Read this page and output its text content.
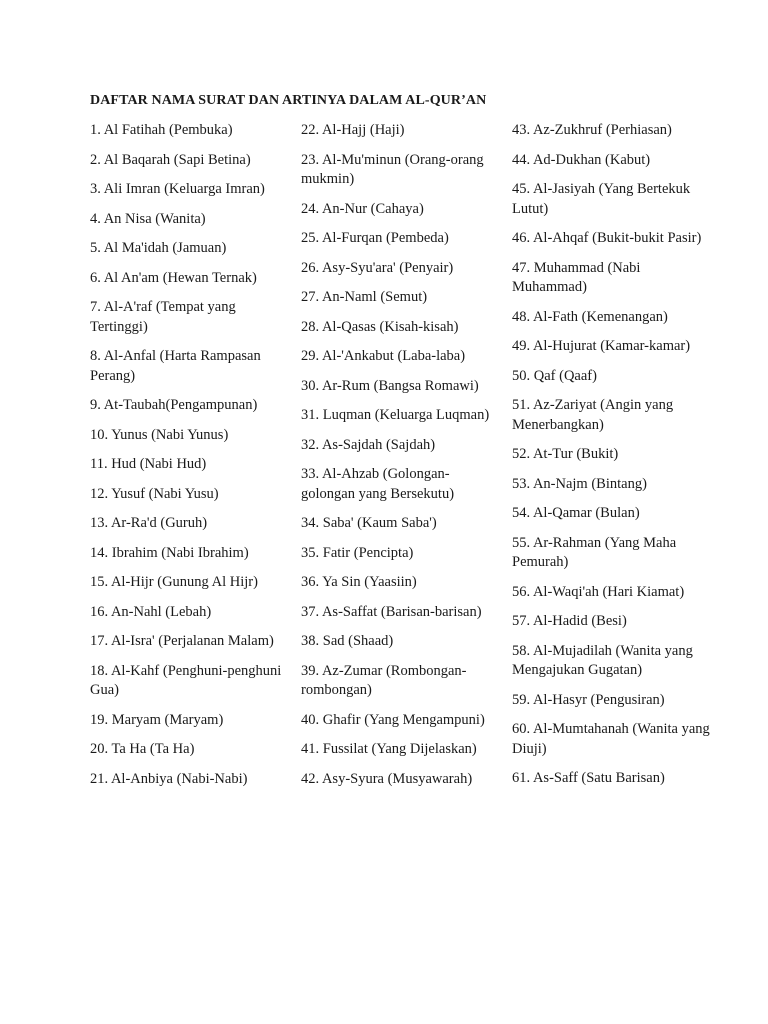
DAFTAR NAMA SURAT DAN ARTINYA DALAM AL-QUR’AN

1. Al Fatihah (Pembuka)

2. Al Baqarah (Sapi Betina)

3. Ali Imran (Keluarga Imran)

4. An Nisa (Wanita)

5. Al Ma'idah (Jamuan)

6. Al An'am (Hewan Ternak)

7. Al-A'raf (Tempat yang Tertinggi)

8. Al-Anfal (Harta Rampasan Perang)

9. At-Taubah(Pengampunan)

10. Yunus (Nabi Yunus)

11. Hud (Nabi Hud)

12. Yusuf (Nabi Yusu)

13. Ar-Ra'd (Guruh)

14. Ibrahim (Nabi Ibrahim)

15. Al-Hijr (Gunung Al Hijr)

16. An-Nahl (Lebah)

17. Al-Isra' (Perjalanan Malam)

18. Al-Kahf (Penghuni-penghuni Gua)

19. Maryam (Maryam)

20. Ta Ha (Ta Ha)

21. Al-Anbiya (Nabi-Nabi)

22. Al-Hajj (Haji)

23. Al-Mu'minun (Orang-orang mukmin)

24. An-Nur (Cahaya)

25. Al-Furqan (Pembeda)

26. Asy-Syu'ara' (Penyair)

27. An-Naml (Semut)

28. Al-Qasas (Kisah-kisah)

29. Al-'Ankabut (Laba-laba)

30. Ar-Rum (Bangsa Romawi)

31. Luqman (Keluarga Luqman)

32. As-Sajdah (Sajdah)

33. Al-Ahzab (Golongan-golongan yang Bersekutu)

34. Saba' (Kaum Saba')

35. Fatir (Pencipta)

36. Ya Sin (Yaasiin)

37. As-Saffat (Barisan-barisan)

38. Sad (Shaad)

39. Az-Zumar (Rombongan-rombongan)

40. Ghafir (Yang Mengampuni)

41. Fussilat (Yang Dijelaskan)

42. Asy-Syura (Musyawarah)

43. Az-Zukhruf (Perhiasan)

44. Ad-Dukhan (Kabut)

45. Al-Jasiyah (Yang Bertekuk Lutut)

46. Al-Ahqaf (Bukit-bukit Pasir)

47. Muhammad (Nabi Muhammad)

48. Al-Fath (Kemenangan)

49. Al-Hujurat (Kamar-kamar)

50. Qaf (Qaaf)

51. Az-Zariyat (Angin yang Menerbangkan)

52. At-Tur (Bukit)

53. An-Najm (Bintang)

54. Al-Qamar (Bulan)

55. Ar-Rahman (Yang Maha Pemurah)

56. Al-Waqi'ah (Hari Kiamat)

57. Al-Hadid (Besi)

58. Al-Mujadilah (Wanita yang Mengajukan Gugatan)

59. Al-Hasyr (Pengusiran)

60. Al-Mumtahanah (Wanita yang Diuji)

61. As-Saff (Satu Barisan)
